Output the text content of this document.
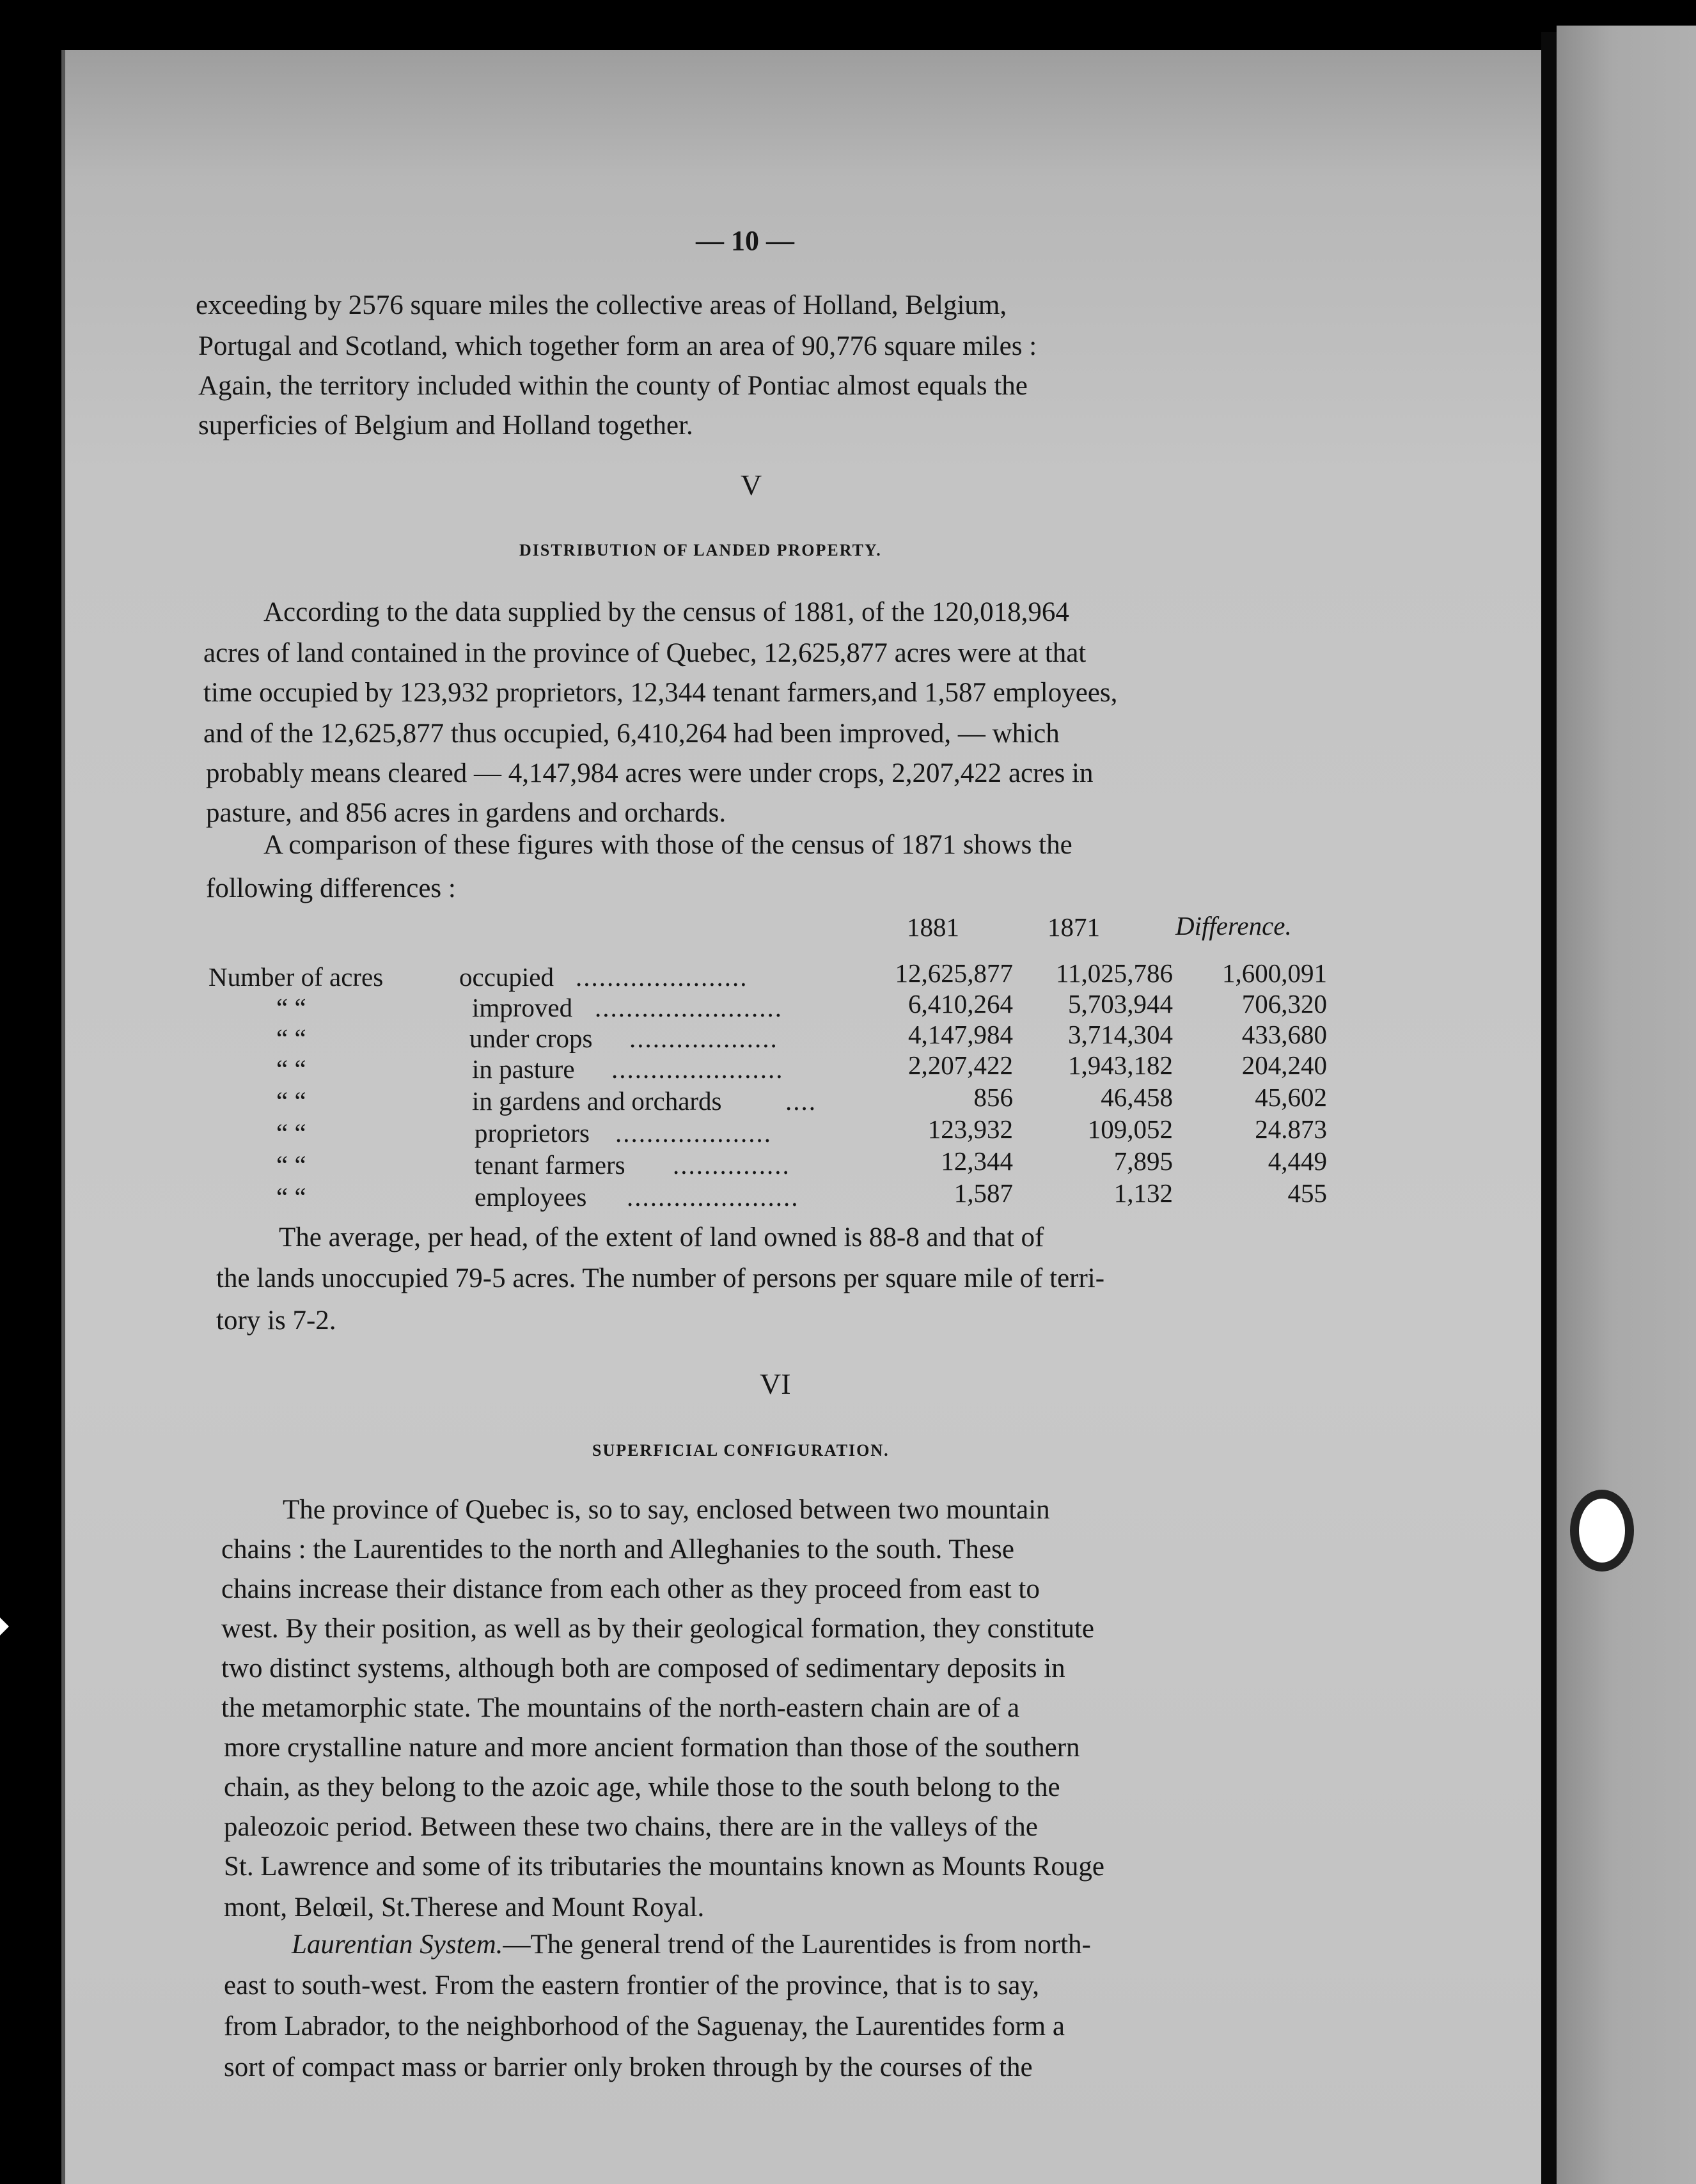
— 10 —
exceeding by 2576 square miles the collective areas of Holland, Belgium,
Portugal and Scotland, which together form an area of 90,776 square miles :
Again, the territory included within the county of Pontiac almost equals the
superficies of Belgium and Holland together.
V
DISTRIBUTION OF LANDED PROPERTY.
According to the data supplied by the census of 1881, of the 120,018,964
acres of land contained in the province of Quebec, 12,625,877 acres were at that
time occupied by 123,932 proprietors, 12,344 tenant farmers,and 1,587 employees,
and of the 12,625,877 thus occupied, 6,410,264 had been improved, — which
probably means cleared — 4,147,984 acres were under crops, 2,207,422 acres in
pasture, and 856 acres in gardens and orchards.
A comparison of these figures with those of the census of 1871 shows the
following differences :
1881	1871	Difference.
Number of acres	occupied ......................	12,625,877	11,025,786	1,600,091
“ “	improved ........................	6,410,264	5,703,944	706,320
“ “	under crops ...................	4,147,984	3,714,304	433,680
“ “	in pasture ......................	2,207,422	1,943,182	204,240
“ “	in gardens and orchards ....	856	46,458	45,602
“ “	proprietors ....................	123,932	109,052	24.873
“ “	tenant farmers ...............	12,344	7,895	4,449
“ “	employees ......................	1,587	1,132	455
The average, per head, of the extent of land owned is 88-8 and that of
the lands unoccupied 79-5 acres. The number of persons per square mile of terri-
tory is 7-2.
VI
SUPERFICIAL CONFIGURATION.
The province of Quebec is, so to say, enclosed between two mountain
chains : the Laurentides to the north and Alleghanies to the south. These
chains increase their distance from each other as they proceed from east to
west. By their position, as well as by their geological formation, they constitute
two distinct systems, although both are composed of sedimentary deposits in
the metamorphic state. The mountains of the north-eastern chain are of a
more crystalline nature and more ancient formation than those of the southern
chain, as they belong to the azoic age, while those to the south belong to the
paleozoic period. Between these two chains, there are in the valleys of the
St. Lawrence and some of its tributaries the mountains known as Mounts Rouge
mont, Belœil, St.Therese and Mount Royal.
Laurentian System.—The general trend of the Laurentides is from north-
east to south-west. From the eastern frontier of the province, that is to say,
from Labrador, to the neighborhood of the Saguenay, the Laurentides form a
sort of compact mass or barrier only broken through by the courses of the
